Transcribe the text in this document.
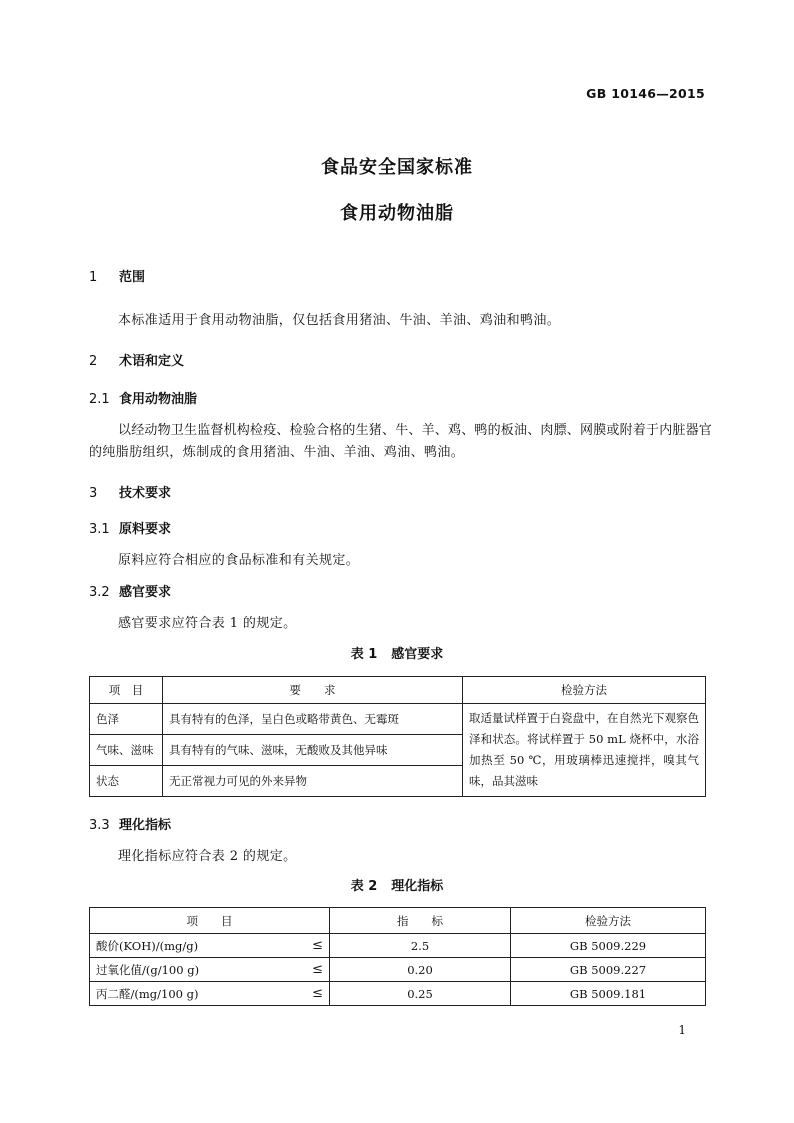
GB 10146—2015
食品安全国家标准
食用动物油脂
1 范围
本标准适用于食用动物油脂，仅包括食用猪油、牛油、羊油、鸡油和鸭油。
2 术语和定义
2.1 食用动物油脂
以经动物卫生监督机构检疫、检验合格的生猪、牛、羊、鸡、鸭的板油、肉膘、网膜或附着于内脏器官
的纯脂肪组织，炼制成的食用猪油、牛油、羊油、鸡油、鸭油。
3 技术要求
3.1 原料要求
原料应符合相应的食品标准和有关规定。
3.2 感官要求
感官要求应符合表 1 的规定。
表 1 感官要求
项　目	要　　求	检验方法
色泽	具有特有的色泽，呈白色或略带黄色、无霉斑	取适量试样置于白瓷盘中，在自然光下观察色泽和状态。将试样置于 50 mL 烧杯中，水浴加热至 50 ℃，用玻璃棒迅速搅拌，嗅其气味，品其滋味
气味、滋味	具有特有的气味、滋味，无酸败及其他异味	
状态	无正常视力可见的外来异物	
3.3 理化指标
理化指标应符合表 2 的规定。
表 2 理化指标
项　　目	指　　标	检验方法

酸价(KOH)/(mg/g) ≤	2.5	GB 5009.229

过氧化值/(g/100 g) ≤	0.20	GB 5009.227

丙二醛/(mg/100 g) ≤	0.25	GB 5009.181
1
